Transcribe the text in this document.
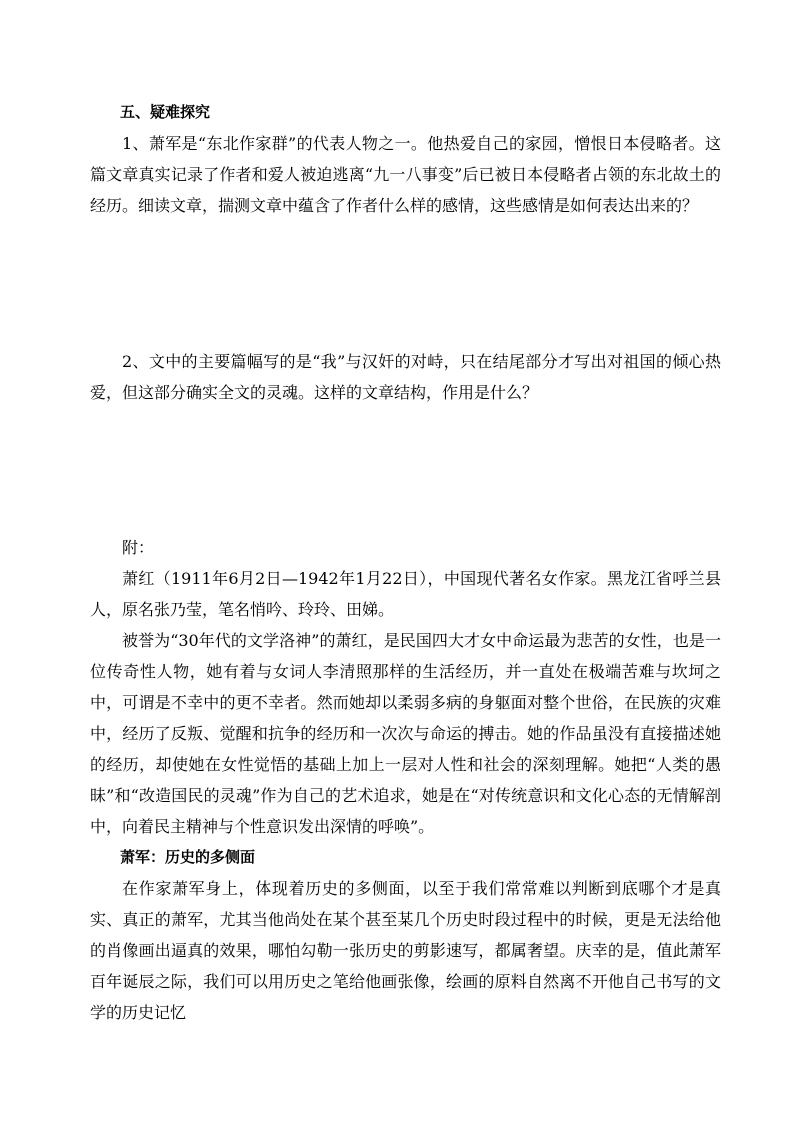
五、疑难探究

1、萧军是“东北作家群”的代表人物之一。他热爱自己的家园，憎恨日本侵略者。这篇文章真实记录了作者和爱人被迫逃离“九一八事变”后已被日本侵略者占领的东北故土的经历。细读文章，揣测文章中蕴含了作者什么样的感情，这些感情是如何表达出来的？

2、文中的主要篇幅写的是“我”与汉奸的对峙，只在结尾部分才写出对祖国的倾心热爱，但这部分确实全文的灵魂。这样的文章结构，作用是什么？

附：

萧红（1911年6月2日—1942年1月22日），中国现代著名女作家。黑龙江省呼兰县人，原名张乃莹，笔名悄吟、玲玲、田娣。

被誉为“30年代的文学洛神”的萧红，是民国四大才女中命运最为悲苦的女性，也是一位传奇性人物，她有着与女词人李清照那样的生活经历，并一直处在极端苦难与坎坷之中，可谓是不幸中的更不幸者。然而她却以柔弱多病的身躯面对整个世俗，在民族的灾难中，经历了反叛、觉醒和抗争的经历和一次次与命运的搏击。她的作品虽没有直接描述她的经历，却使她在女性觉悟的基础上加上一层对人性和社会的深刻理解。她把“人类的愚昧”和“改造国民的灵魂”作为自己的艺术追求，她是在“对传统意识和文化心态的无情解剖中，向着民主精神与个性意识发出深情的呼唤”。

萧军：历史的多侧面

在作家萧军身上，体现着历史的多侧面，以至于我们常常难以判断到底哪个才是真实、真正的萧军，尤其当他尚处在某个甚至某几个历史时段过程中的时候，更是无法给他的肖像画出逼真的效果，哪怕勾勒一张历史的剪影速写，都属奢望。庆幸的是，值此萧军百年诞辰之际，我们可以用历史之笔给他画张像，绘画的原料自然离不开他自己书写的文学的历史记忆
